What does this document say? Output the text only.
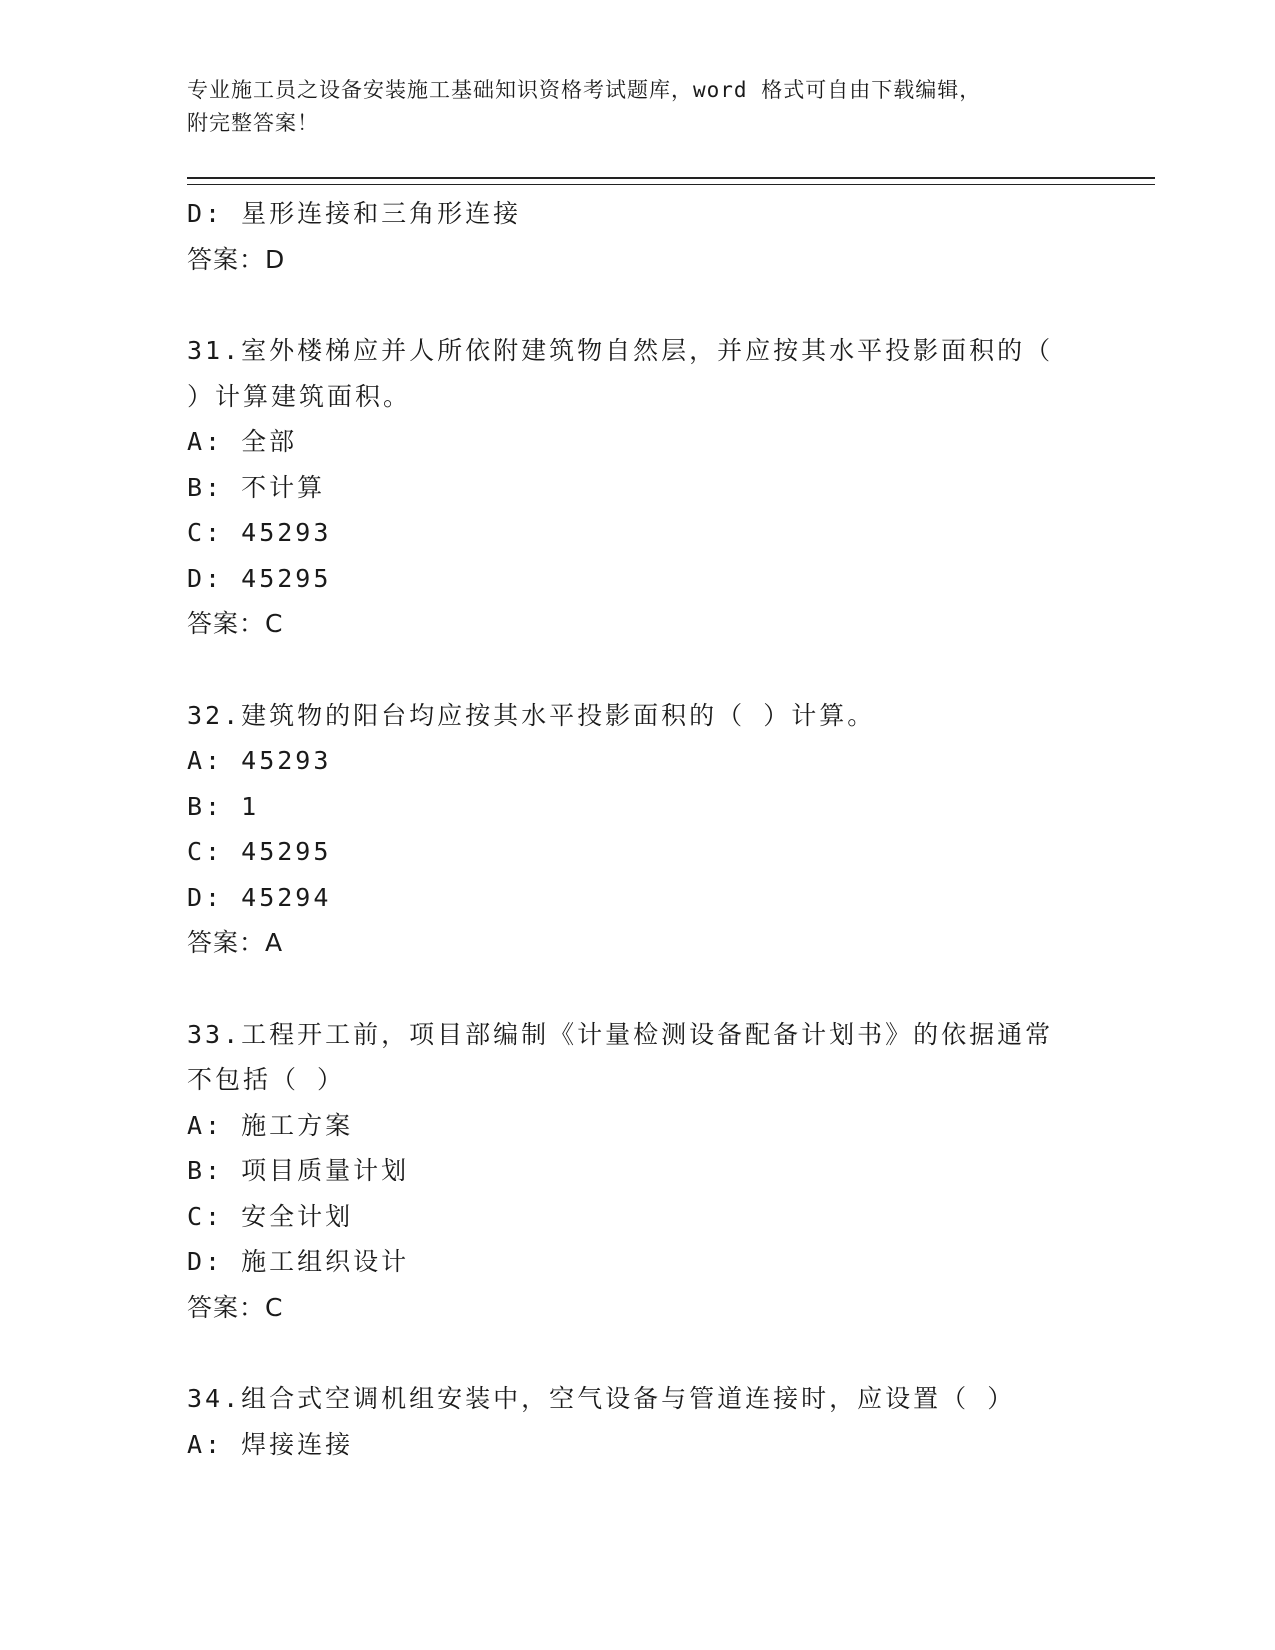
专业施工员之设备安装施工基础知识资格考试题库，word 格式可自由下载编辑，

附完整答案！

D: 星形连接和三角形连接
答案：D
31.室外楼梯应并人所依附建筑物自然层，并应按其水平投影面积的（
）计算建筑面积。
A: 全部
B: 不计算
C: 45293
D: 45295
答案：C
32.建筑物的阳台均应按其水平投影面积的（ ）计算。
A: 45293
B: 1
C: 45295
D: 45294
答案：A
33.工程开工前，项目部编制《计量检测设备配备计划书》的依据通常
不包括（ ）
A: 施工方案
B: 项目质量计划
C: 安全计划
D: 施工组织设计
答案：C
34.组合式空调机组安装中，空气设备与管道连接时，应设置（ ）
A: 焊接连接
